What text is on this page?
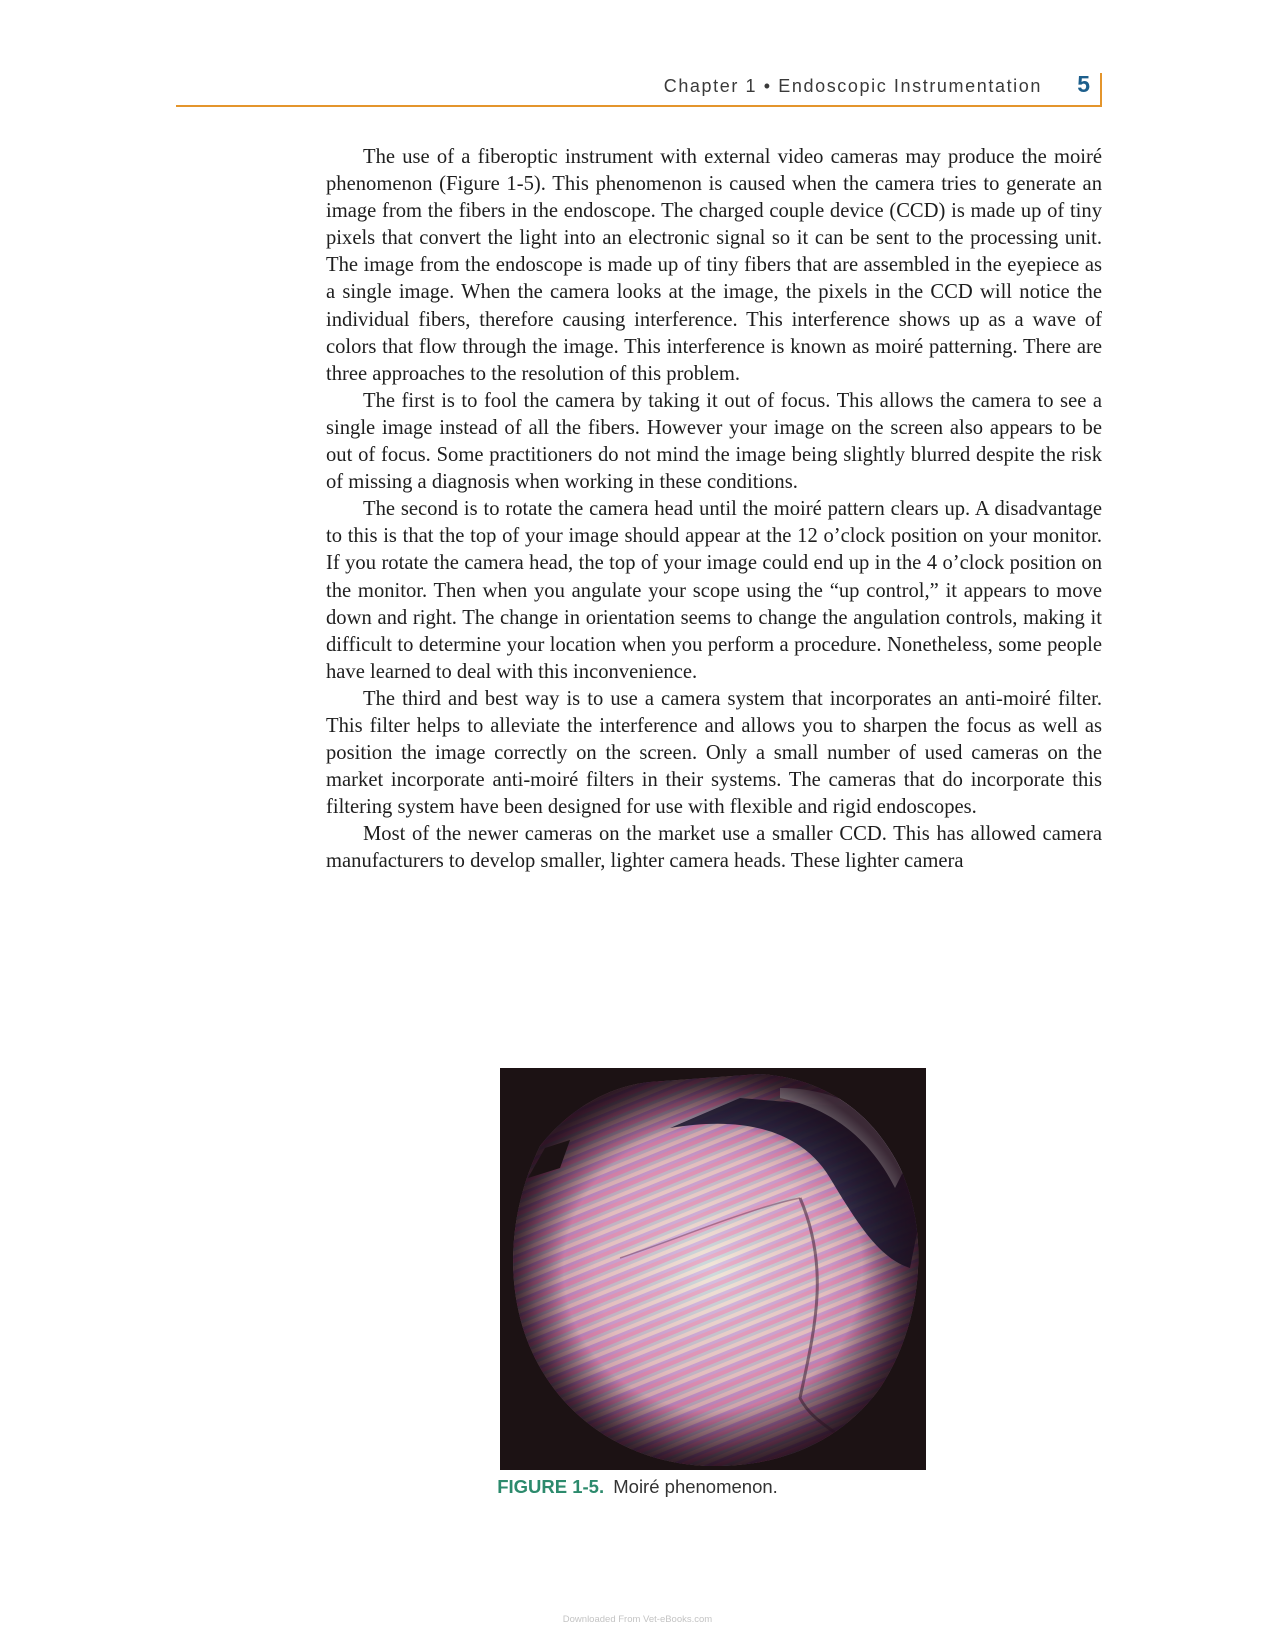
Chapter 1 • Endoscopic Instrumentation 5

The use of a fiberoptic instrument with external video cameras may produce the moiré phenomenon (Figure 1-5). This phenomenon is caused when the camera tries to generate an image from the fibers in the endoscope. The charged couple device (CCD) is made up of tiny pixels that convert the light into an electronic signal so it can be sent to the processing unit. The image from the endoscope is made up of tiny fibers that are assembled in the eyepiece as a single image. When the camera looks at the image, the pixels in the CCD will notice the individual fibers, therefore causing interference. This interference shows up as a wave of colors that flow through the image. This interference is known as moiré patterning. There are three approaches to the resolution of this problem.

The first is to fool the camera by taking it out of focus. This allows the camera to see a single image instead of all the fibers. However your image on the screen also appears to be out of focus. Some practitioners do not mind the image being slightly blurred despite the risk of missing a diagnosis when working in these conditions.

The second is to rotate the camera head until the moiré pattern clears up. A disadvantage to this is that the top of your image should appear at the 12 o’clock position on your monitor. If you rotate the camera head, the top of your image could end up in the 4 o’clock position on the monitor. Then when you angulate your scope using the “up control,” it appears to move down and right. The change in orientation seems to change the angulation controls, making it difficult to determine your location when you perform a procedure. Nonetheless, some people have learned to deal with this inconvenience.

The third and best way is to use a camera system that incorporates an anti-moiré filter. This filter helps to alleviate the interference and allows you to sharpen the focus as well as position the image correctly on the screen. Only a small number of used cameras on the market incorporate anti-moiré filters in their systems. The cameras that do incorporate this filtering system have been designed for use with flexible and rigid endoscopes.

Most of the newer cameras on the market use a smaller CCD. This has allowed camera manufacturers to develop smaller, lighter camera heads. These lighter camera

FIGURE 1-5. Moiré phenomenon.
Downloaded From Vet-eBooks.com
